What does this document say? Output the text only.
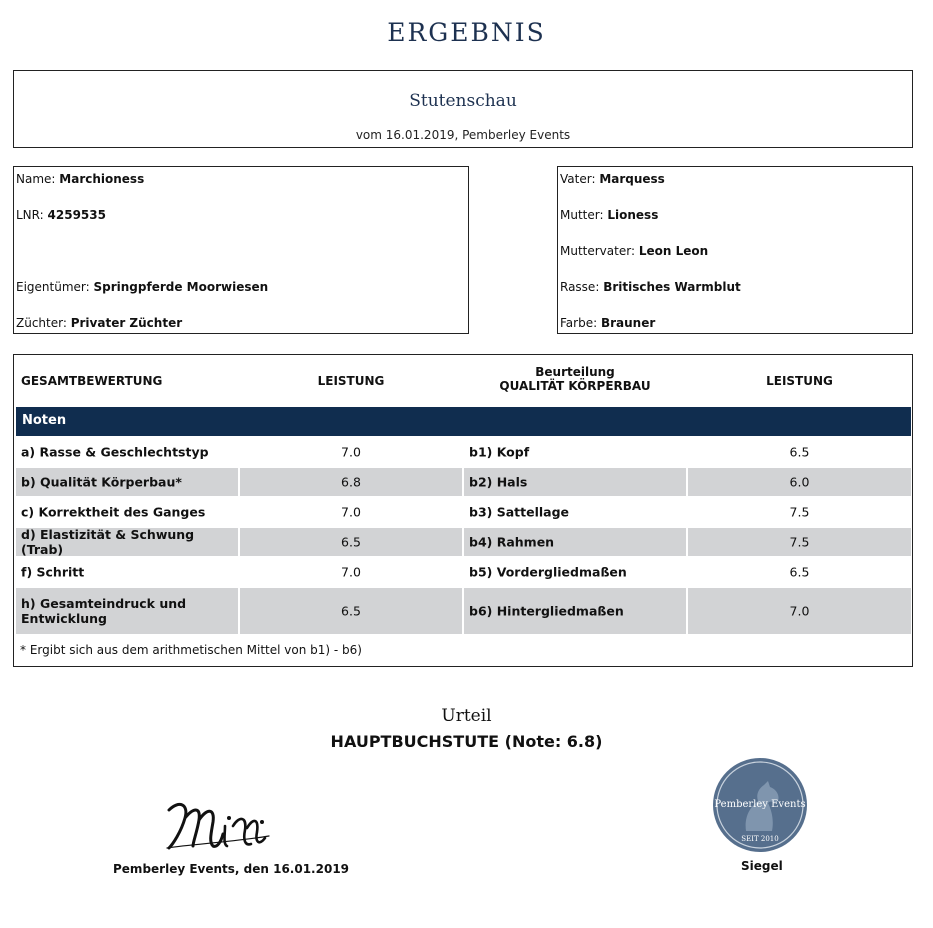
ERGEBNIS
Stutenschau
vom 16.01.2019, Pemberley Events
Name: Marchioness
LNR: 4259535
Eigentümer: Springpferde Moorwiesen
Züchter: Privater Züchter
Vater: Marquess
Mutter: Lioness
Muttervater: Leon Leon
Rasse: Britisches Warmblut
Farbe: Brauner
GESAMTBEWERTUNG	LEISTUNG
Beurteilung
QUALITÄT KÖRPERBAU	LEISTUNG
Noten
a) Rasse & Geschlechtstyp	7.0	b1) Kopf	6.5
b) Qualität Körperbau*	6.8	b2) Hals	6.0
c) Korrektheit des Ganges	7.0	b3) Sattellage	7.5
d) Elastizität & Schwung (Trab)	6.5	b4) Rahmen	7.5
f) Schritt	7.0	b5) Vordergliedmaßen	6.5
h) Gesamteindruck und Entwicklung	6.5	b6) Hintergliedmaßen	7.0
* Ergibt sich aus dem arithmetischen Mittel von b1) - b6)
Urteil
HAUPTBUCHSTUTE (Note: 6.8)
Pemberley Events, den 16.01.2019
Pemberley Events
SEIT 2010
Siegel
